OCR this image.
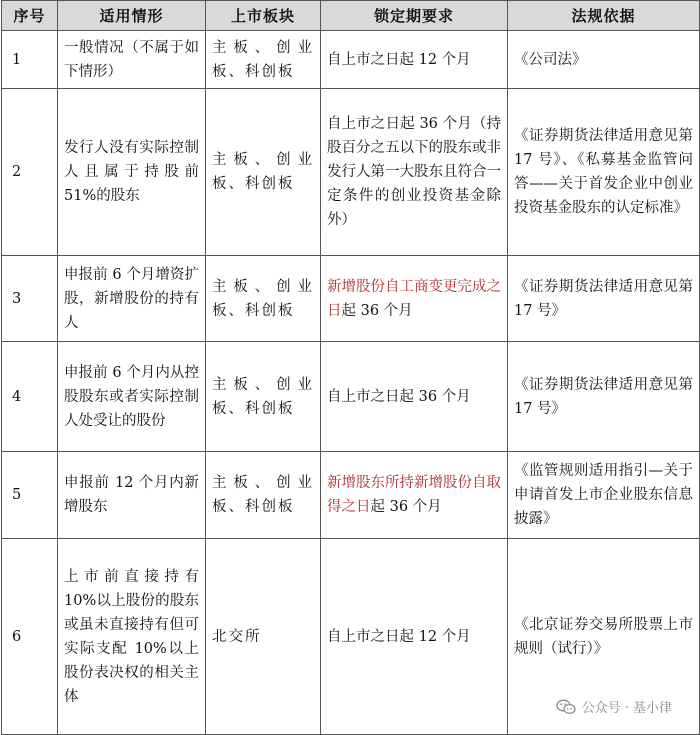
序号	适用情形	上市板块	锁定期要求	法规依据
1	一般情况（不属于如下情形）	主板、创业板、科创板	自上市之日起 12 个月	《公司法》
2	发行人没有实际控制人且属于持股前 51%的股东	主板、创业板、科创板	自上市之日起 36 个月（持股百分之五以下的股东或非发行人第一大股东且符合一定条件的创业投资基金除外）	《证券期货法律适用意见第 17 号》、《私募基金监管问答——关于首发企业中创业投资基金股东的认定标准》
3	申报前 6 个月增资扩股，新增股份的持有人	主板、创业板、科创板	新增股份自工商变更完成之日起 36 个月	《证券期货法律适用意见第 17 号》
4	申报前 6 个月内从控股股东或者实际控制人处受让的股份	主板、创业板、科创板	自上市之日起 36 个月	《证券期货法律适用意见第 17 号》
5	申报前 12 个月内新增股东	主板、创业板、科创板	新增股东所持新增股份自取得之日起 36 个月	《监管规则适用指引—关于申请首发上市企业股东信息披露》
6	上市前直接持有 10%以上股份的股东或虽未直接持有但可实际支配 10%以上股份表决权的相关主体	北交所	自上市之日起 12 个月	《北京证券交易所股票上市规则（试行）》
公众号 · 基小律
